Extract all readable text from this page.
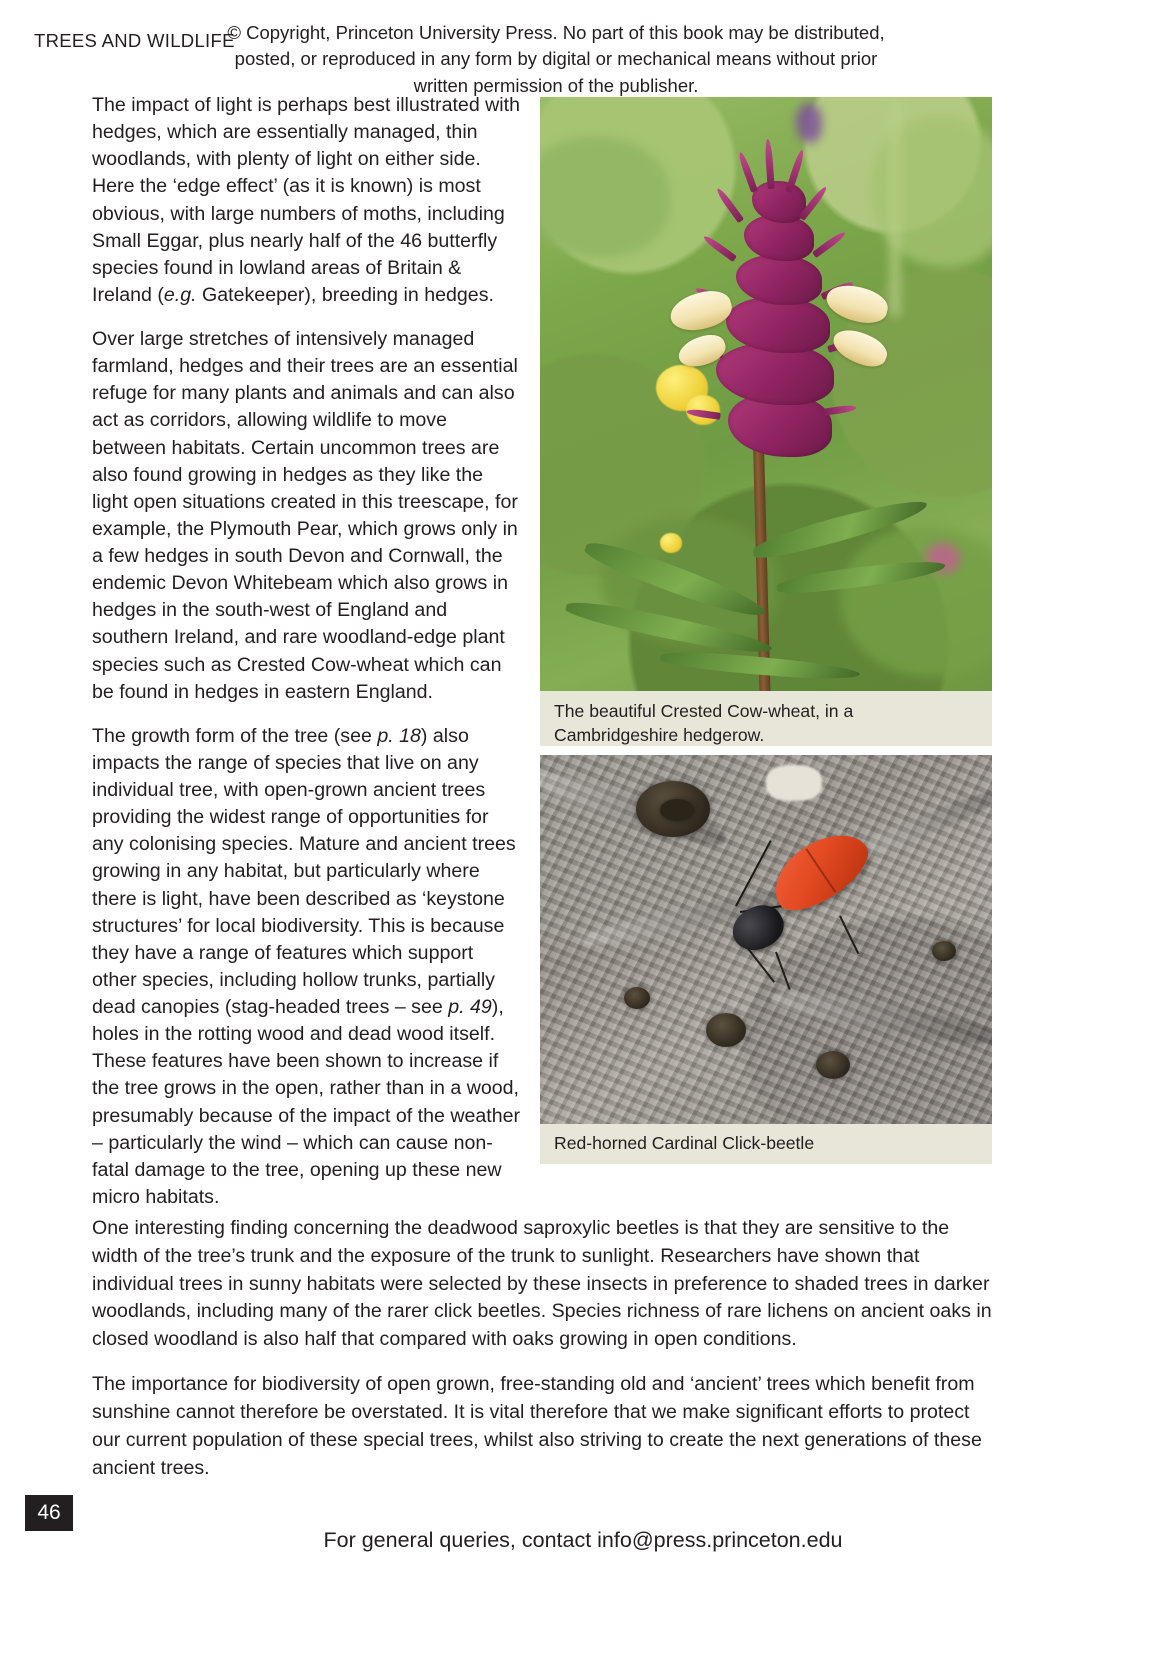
TREES AND WILDLIFE
© Copyright, Princeton University Press. No part of this book may be distributed, posted, or reproduced in any form by digital or mechanical means without prior written permission of the publisher.

The impact of light is perhaps best illustrated with hedges, which are essentially managed, thin woodlands, with plenty of light on either side. Here the ‘edge effect’ (as it is known) is most obvious, with large numbers of moths, including Small Eggar, plus nearly half of the 46 butterfly species found in lowland areas of Britain & Ireland (e.g. Gatekeeper), breeding in hedges.

Over large stretches of intensively managed farmland, hedges and their trees are an essential refuge for many plants and animals and can also act as corridors, allowing wildlife to move between habitats. Certain uncommon trees are also found growing in hedges as they like the light open situations created in this treescape, for example, the Plymouth Pear, which grows only in a few hedges in south Devon and Cornwall, the endemic Devon Whitebeam which also grows in hedges in the south-west of England and southern Ireland, and rare woodland-edge plant species such as Crested Cow-wheat which can be found in hedges in eastern England.

The growth form of the tree (see p. 18) also impacts the range of species that live on any individual tree, with open-grown ancient trees providing the widest range of opportunities for any colonising species. Mature and ancient trees growing in any habitat, but particularly where there is light, have been described as ‘keystone structures’ for local biodiversity. This is because they have a range of features which support other species, including hollow trunks, partially dead canopies (stag-headed trees – see p. 49), holes in the rotting wood and dead wood itself. These features have been shown to increase if the tree grows in the open, rather than in a wood, presumably because of the impact of the weather – particularly the wind – which can cause non-fatal damage to the tree, opening up these new micro habitats.

The beautiful Crested Cow-wheat, in a Cambridgeshire hedgerow.
Red-horned Cardinal Click-beetle

One interesting finding concerning the deadwood saproxylic beetles is that they are sensitive to the width of the tree’s trunk and the exposure of the trunk to sunlight. Researchers have shown that individual trees in sunny habitats were selected by these insects in preference to shaded trees in darker woodlands, including many of the rarer click beetles. Species richness of rare lichens on ancient oaks in closed woodland is also half that compared with oaks growing in open conditions.

The importance for biodiversity of open grown, free-standing old and ‘ancient’ trees which benefit from sunshine cannot therefore be overstated. It is vital therefore that we make significant efforts to protect our current population of these special trees, whilst also striving to create the next generations of these ancient trees.

46
For general queries, contact info@press.princeton.edu
